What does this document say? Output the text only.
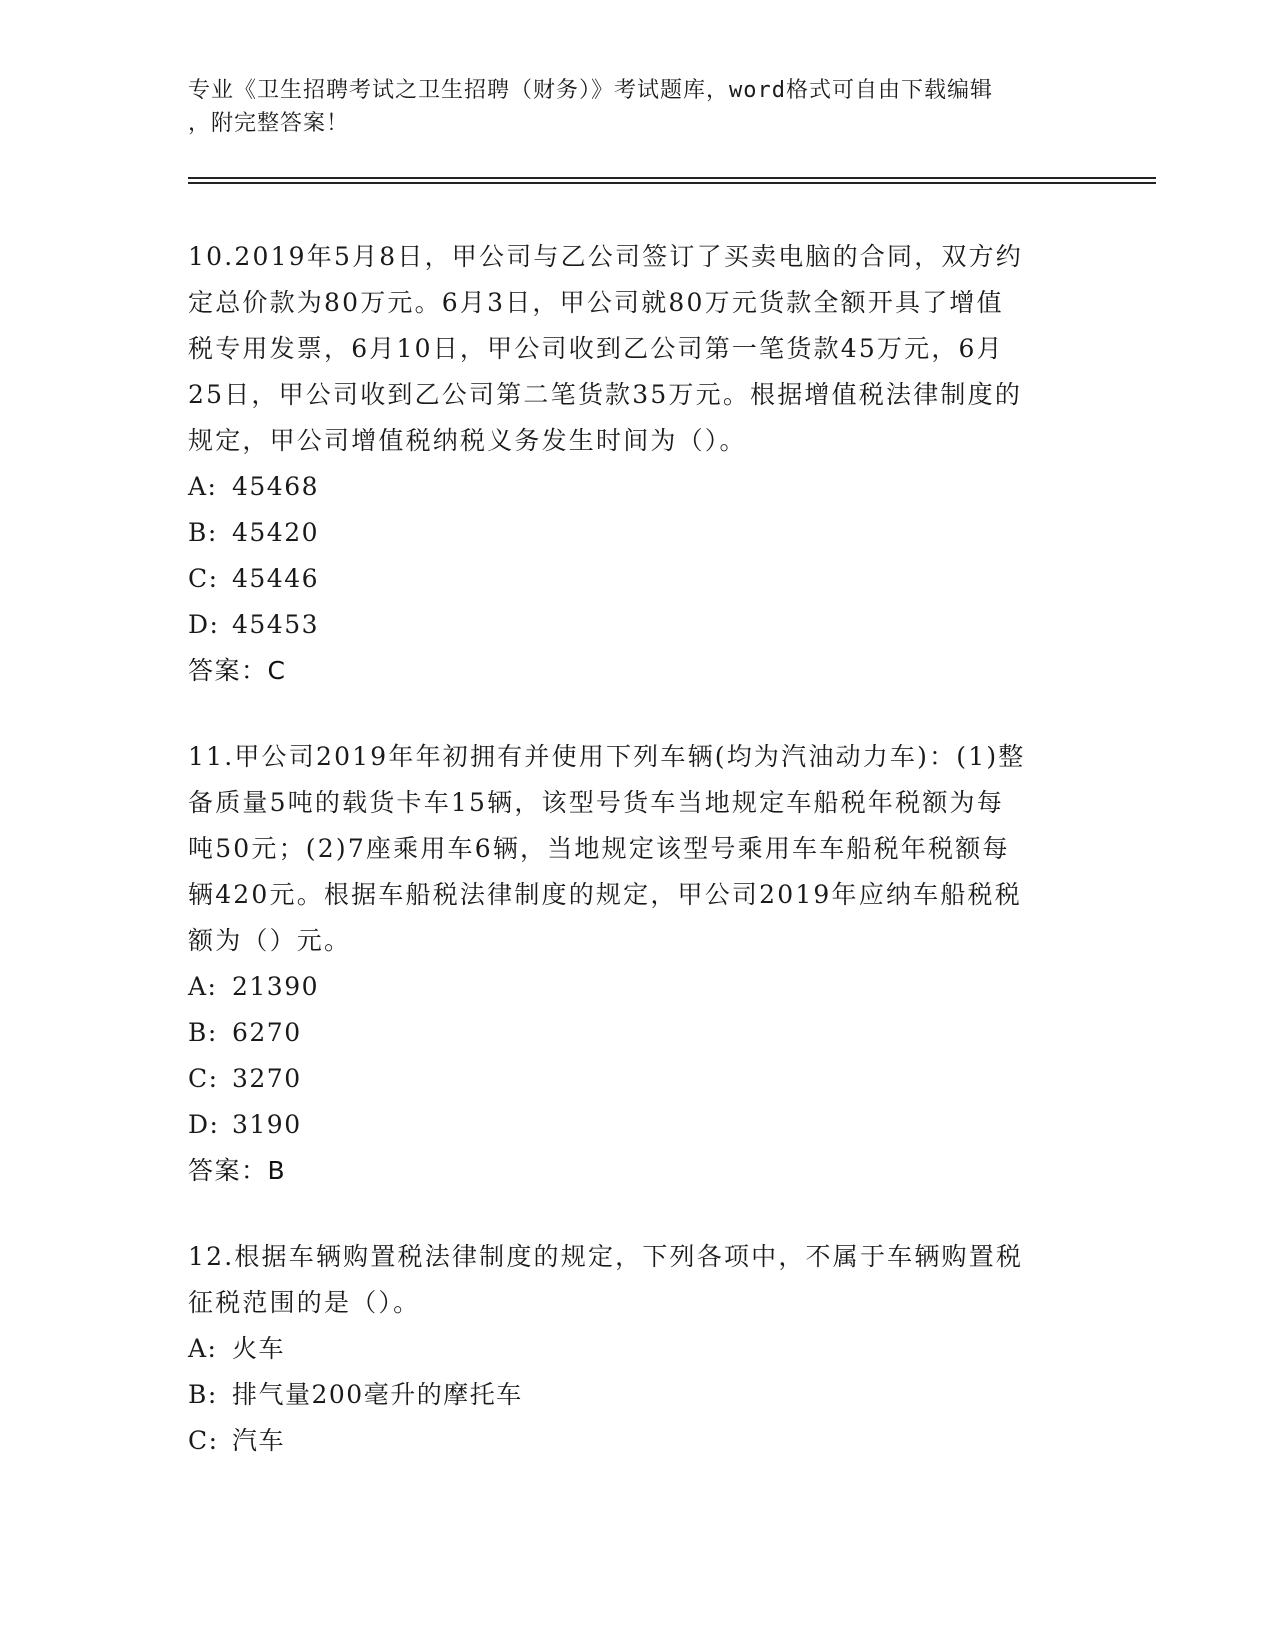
专业《卫生招聘考试之卫生招聘（财务）》考试题库，word格式可自由下载编辑
，附完整答案！

10.2019年5月8日，甲公司与乙公司签订了买卖电脑的合同，双方约
定总价款为80万元。6月3日，甲公司就80万元货款全额开具了增值
税专用发票，6月10日，甲公司收到乙公司第一笔货款45万元，6月
25日，甲公司收到乙公司第二笔货款35万元。根据增值税法律制度的
规定，甲公司增值税纳税义务发生时间为（）。

A: 45468
B: 45420
C: 45446
D: 45453
答案：C

11.甲公司2019年年初拥有并使用下列车辆(均为汽油动力车)：(1)整
备质量5吨的载货卡车15辆，该型号货车当地规定车船税年税额为每
吨50元；(2)7座乘用车6辆，当地规定该型号乘用车车船税年税额每
辆420元。根据车船税法律制度的规定，甲公司2019年应纳车船税税
额为（）元。

A: 21390
B: 6270
C: 3270
D: 3190
答案：B

12.根据车辆购置税法律制度的规定，下列各项中，不属于车辆购置税
征税范围的是（）。

A: 火车
B: 排气量200毫升的摩托车
C: 汽车
